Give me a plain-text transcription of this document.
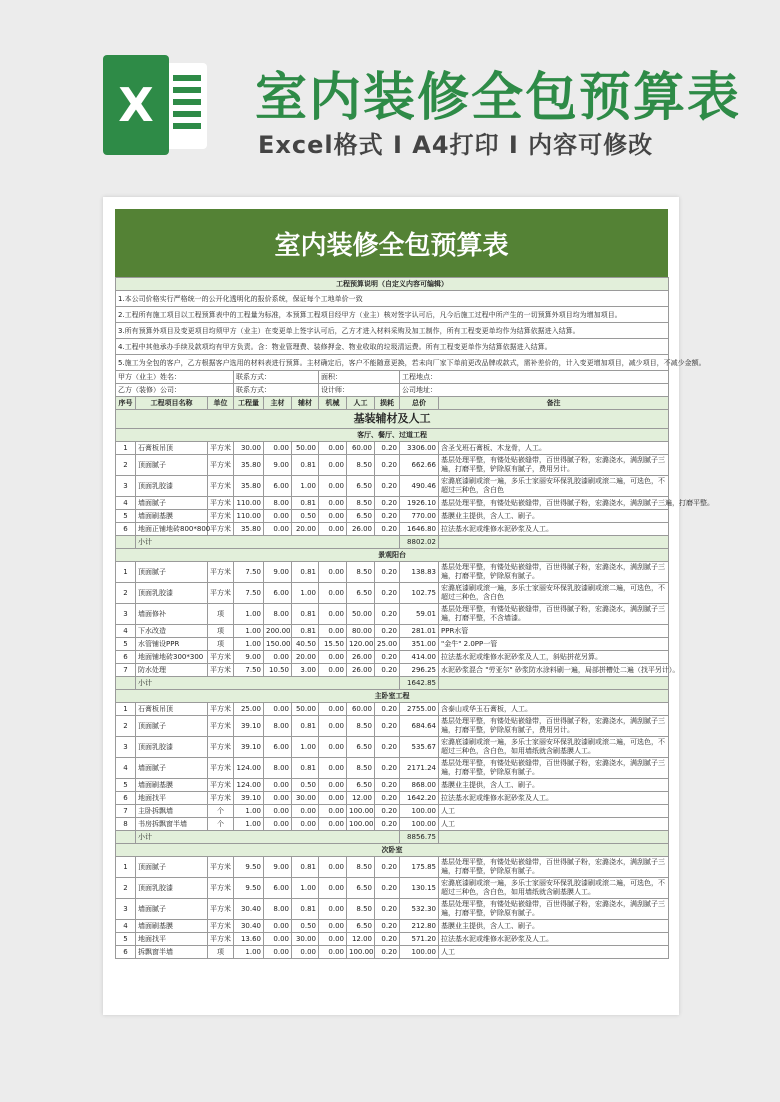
X 室内装修全包预算表
Excel格式 I A4打印 I 内容可修改
室内装修全包预算表
工程预算说明（自定义内容可编辑）										
1.本公司价格实行严格统一的公开化透明化的报价系统，保证每个工地单价一致										
2.工程所有施工项目以工程预算表中的工程量为标准，本预算工程项目经甲方（业主）核对签字认可后，凡今后施工过程中所产生的一切预算外项目均为增加项目。										
3.所有预算外项目及变更项目均须甲方（业主）在变更单上签字认可后，乙方才进入材料采购及加工制作，所有工程变更单均作为结算依据进入结算。										
4.工程中其他承办手续及款项均有甲方负责。含：物业管理费、装修押金、物业收取的垃圾清运费。所有工程变更单作为结算依据进入结算。										
5.施工为全包的客户，乙方根据客户选用的材料表进行预算。主材确定后，客户不能随意更换，若未向厂家下单前更改品牌或款式，需补差价的，计入变更增加项目，减少项目，不减少金额。										
甲方（业主）姓名：			联系方式：			面积：			工程地点：	
乙方（装修）公司：			联系方式：			设计师：			公司地址：	
序号	工程项目名称	单位	工程量	主材	辅材	机械	人工	损耗	总价	备注
基装辅材及人工										
客厅、餐厅、过道工程										
1	石膏板吊顶	平方米	30.00	0.00	50.00	0.00	60.00	0.20	3306.00	含圣戈班石膏板、木龙骨，人工。
2	顶面腻子	平方米	35.80	9.00	0.81	0.00	8.50	0.20	662.66	基层处理平整，有镂处贴嵌缝带，百世得腻子粉，宏潞浇水，满刮腻子三遍，打磨平整，铲除原有腻子，费用另计。
3	顶面乳胶漆	平方米	35.80	6.00	1.00	0.00	6.50	0.20	490.46	宏潞底漆刷或滚一遍，多乐士家丽安环保乳胶漆刷或滚二遍，可选色，不超过三种色，含白色
4	墙面腻子	平方米	110.00	8.00	0.81	0.00	8.50	0.20	1926.10	基层处理平整，有镂处贴嵌缝带，百世得腻子粉，宏潞浇水，满刮腻子三遍，打磨平整。
5	墙面刷基膜	平方米	110.00	0.00	0.50	0.00	6.50	0.20	770.00	基膜业主提供，含人工、刷子。
6	地面正铺地砖800*800	平方米	35.80	0.00	20.00	0.00	26.00	0.20	1646.80	拉法基水泥或维修水泥砂浆及人工。
	小计								8802.02	
景观阳台										
1	顶面腻子	平方米	7.50	9.00	0.81	0.00	8.50	0.20	138.83	基层处理平整，有镂处贴嵌缝带，百世得腻子粉，宏潞浇水，满刮腻子三遍，打磨平整，铲除原有腻子。
2	顶面乳胶漆	平方米	7.50	6.00	1.00	0.00	6.50	0.20	102.75	宏潞底漆刷或滚一遍，多乐士家丽安环保乳胶漆刷或滚二遍，可选色，不超过三种色，含白色
3	墙面修补	项	1.00	8.00	0.81	0.00	50.00	0.20	59.01	基层处理平整，有镂处贴嵌缝带，百世得腻子粉，宏潞浇水，满刮腻子三遍，打磨平整，不含墙漆。
4	下水改造	项	1.00	200.00	0.81	0.00	80.00	0.20	281.01	PPR水管
5	水管铺设PPR	项	1.00	150.00	40.50	15.50	120.00	25.00	351.00	"金牛" 2.0PP一管
6	地面铺地砖300*300	平方米	9.00	0.00	20.00	0.00	26.00	0.20	414.00	拉法基水泥或维修水泥砂浆及人工，斜贴拼花另算。
7	防水处理	平方米	7.50	10.50	3.00	0.00	26.00	0.20	296.25	水泥砂浆混合 "劳亚尔" 砂浆防水涂料刷一遍，局部拼槽处二遍（找平另计）。
	小计								1642.85	
主卧室工程										
1	石膏板吊顶	平方米	25.00	0.00	50.00	0.00	60.00	0.20	2755.00	含泰山或华玉石膏板，人工。
2	顶面腻子	平方米	39.10	8.00	0.81	0.00	8.50	0.20	684.64	基层处理平整，有镂处贴嵌缝带，百世得腻子粉，宏潞浇水，满刮腻子三遍，打磨平整，铲除原有腻子，费用另计。
3	顶面乳胶漆	平方米	39.10	6.00	1.00	0.00	6.50	0.20	535.67	宏潞底漆刷或滚一遍，多乐士家丽安环保乳胶漆刷或滚二遍，可选色，不超过三种色，含白色，如用墙纸就含刷基膜人工。
4	墙面腻子	平方米	124.00	8.00	0.81	0.00	8.50	0.20	2171.24	基层处理平整，有镂处贴嵌缝带，百世得腻子粉，宏潞浇水，满刮腻子三遍，打磨平整，铲除原有腻子。
5	墙面刷基膜	平方米	124.00	0.00	0.50	0.00	6.50	0.20	868.00	基膜业主提供，含人工、刷子。
6	地面找平	平方米	39.10	0.00	30.00	0.00	12.00	0.20	1642.20	拉法基水泥或维修水泥砂浆及人工。
7	主卧拆飘墙	个	1.00	0.00	0.00	0.00	100.00	0.20	100.00	人工
8	书房拆飘窗半墙	个	1.00	0.00	0.00	0.00	100.00	0.20	100.00	人工
	小计								8856.75	
次卧室										
1	顶面腻子	平方米	9.50	9.00	0.81	0.00	8.50	0.20	175.85	基层处理平整，有镂处贴嵌缝带，百世得腻子粉，宏潞浇水，满刮腻子三遍，打磨平整，铲除原有腻子。
2	顶面乳胶漆	平方米	9.50	6.00	1.00	0.00	6.50	0.20	130.15	宏潞底漆刷或滚一遍，多乐士家丽安环保乳胶漆刷或滚二遍，可选色，不超过三种色，含白色，如用墙纸就含刷基膜人工。
3	墙面腻子	平方米	30.40	8.00	0.81	0.00	8.50	0.20	532.30	基层处理平整，有镂处贴嵌缝带，百世得腻子粉，宏潞浇水，满刮腻子三遍，打磨平整，铲除原有腻子。
4	墙面刷基膜	平方米	30.40	0.00	0.50	0.00	6.50	0.20	212.80	基膜业主提供，含人工、刷子。
5	地面找平	平方米	13.60	0.00	30.00	0.00	12.00	0.20	571.20	拉法基水泥或维修水泥砂浆及人工。
6	拆飘窗半墙	项	1.00	0.00	0.00	0.00	100.00	0.20	100.00	人工
